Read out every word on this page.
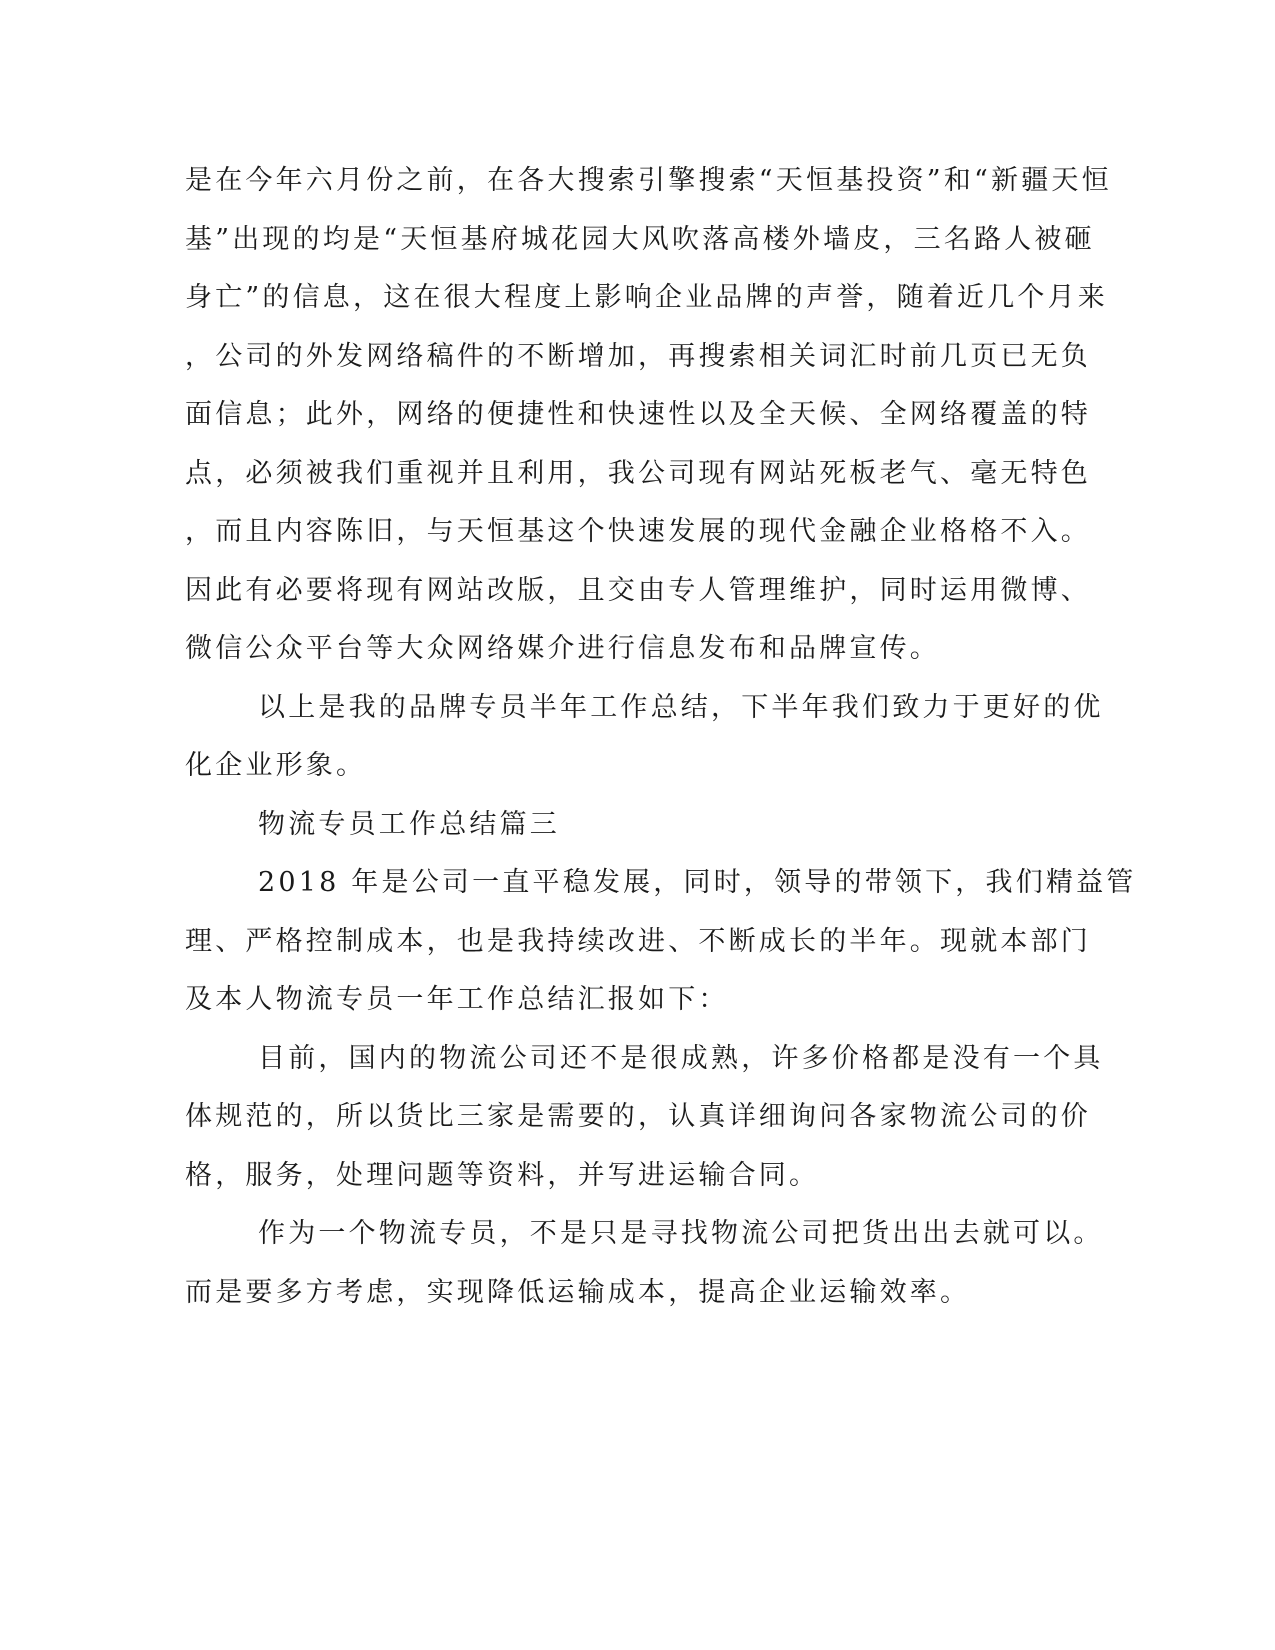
是在今年六月份之前，在各大搜索引擎搜索“天恒基投资”和“新疆天恒

基”出现的均是“天恒基府城花园大风吹落高楼外墙皮，三名路人被砸

身亡”的信息，这在很大程度上影响企业品牌的声誉，随着近几个月来

，公司的外发网络稿件的不断增加，再搜索相关词汇时前几页已无负

面信息；此外，网络的便捷性和快速性以及全天候、全网络覆盖的特

点，必须被我们重视并且利用，我公司现有网站死板老气、毫无特色

，而且内容陈旧，与天恒基这个快速发展的现代金融企业格格不入。

因此有必要将现有网站改版，且交由专人管理维护，同时运用微博、

微信公众平台等大众网络媒介进行信息发布和品牌宣传。

以上是我的品牌专员半年工作总结，下半年我们致力于更好的优

化企业形象。

物流专员工作总结篇三

2018 年是公司一直平稳发展，同时，领导的带领下，我们精益管

理、严格控制成本，也是我持续改进、不断成长的半年。现就本部门

及本人物流专员一年工作总结汇报如下：

目前，国内的物流公司还不是很成熟，许多价格都是没有一个具

体规范的，所以货比三家是需要的，认真详细询问各家物流公司的价

格，服务，处理问题等资料，并写进运输合同。

作为一个物流专员，不是只是寻找物流公司把货出出去就可以。

而是要多方考虑，实现降低运输成本，提高企业运输效率。
